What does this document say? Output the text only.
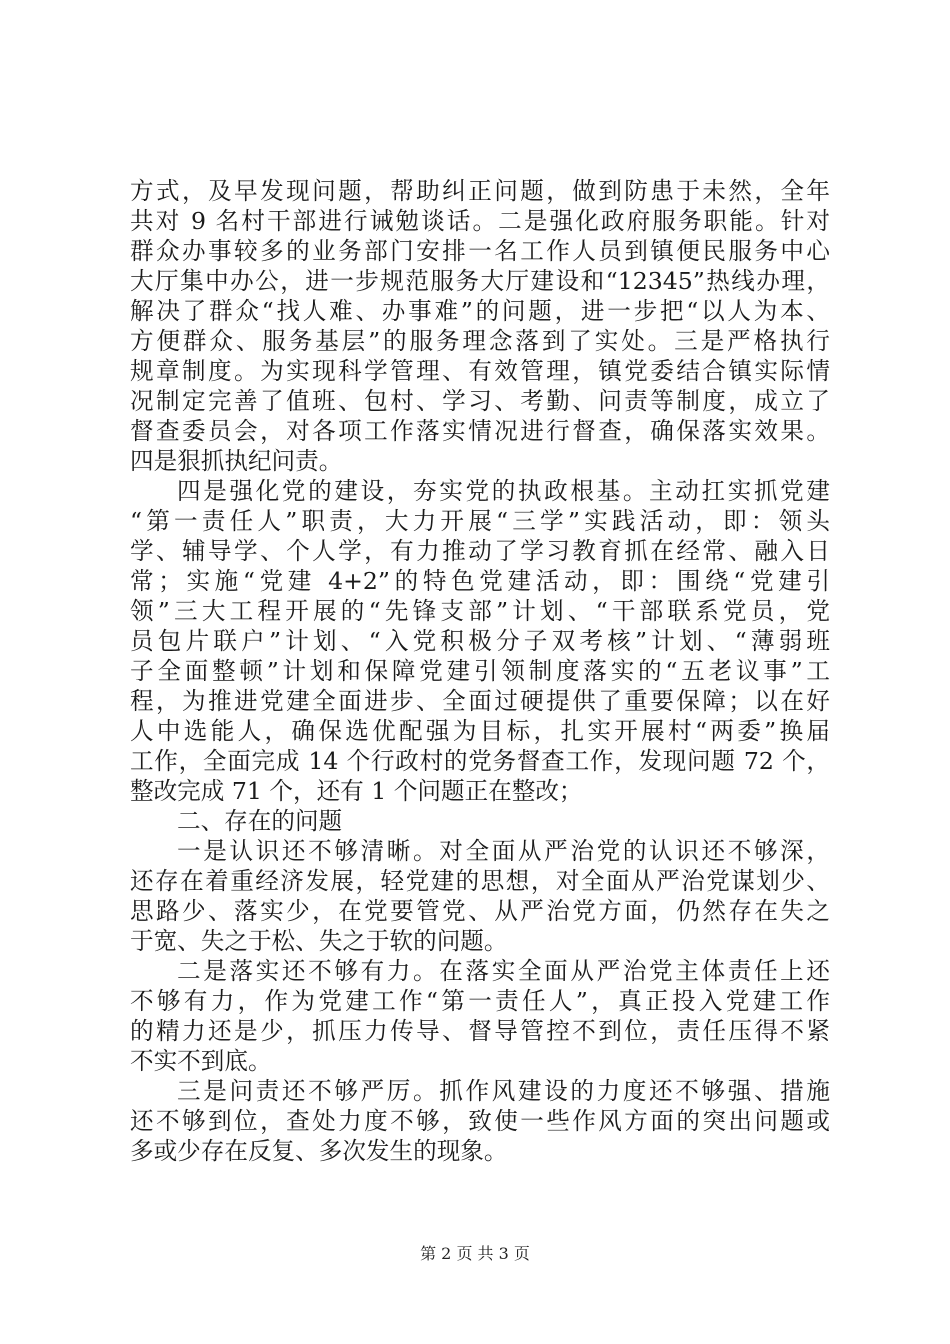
方式，及早发现问题，帮助纠正问题，做到防患于未然，全年
共对 9 名村干部进行诫勉谈话。二是强化政府服务职能。针对
群众办事较多的业务部门安排一名工作人员到镇便民服务中心
大厅集中办公，进一步规范服务大厅建设和“12345”热线办理，
解决了群众“找人难、办事难”的问题，进一步把“以人为本、
方便群众、服务基层”的服务理念落到了实处。三是严格执行
规章制度。为实现科学管理、有效管理，镇党委结合镇实际情
况制定完善了值班、包村、学习、考勤、问责等制度，成立了
督查委员会，对各项工作落实情况进行督查，确保落实效果。
四是狠抓执纪问责。
四是强化党的建设，夯实党的执政根基。主动扛实抓党建
“第一责任人”职责，大力开展“三学”实践活动，即：领头
学、辅导学、个人学，有力推动了学习教育抓在经常、融入日
常；实施“党建 4+2”的特色党建活动，即：围绕“党建引
领”三大工程开展的“先锋支部”计划、“干部联系党员，党
员包片联户”计划、“入党积极分子双考核”计划、“薄弱班
子全面整顿”计划和保障党建引领制度落实的“五老议事”工
程，为推进党建全面进步、全面过硬提供了重要保障；以在好
人中选能人，确保选优配强为目标，扎实开展村“两委”换届
工作，全面完成 14 个行政村的党务督查工作，发现问题 72 个，
整改完成 71 个，还有 1 个问题正在整改；
二、存在的问题
一是认识还不够清晰。对全面从严治党的认识还不够深，
还存在着重经济发展，轻党建的思想，对全面从严治党谋划少、
思路少、落实少，在党要管党、从严治党方面，仍然存在失之
于宽、失之于松、失之于软的问题。
二是落实还不够有力。在落实全面从严治党主体责任上还
不够有力，作为党建工作“第一责任人”，真正投入党建工作
的精力还是少，抓压力传导、督导管控不到位，责任压得不紧
不实不到底。
三是问责还不够严厉。抓作风建设的力度还不够强、措施
还不够到位，查处力度不够，致使一些作风方面的突出问题或
多或少存在反复、多次发生的现象。
第 2 页 共 3 页
